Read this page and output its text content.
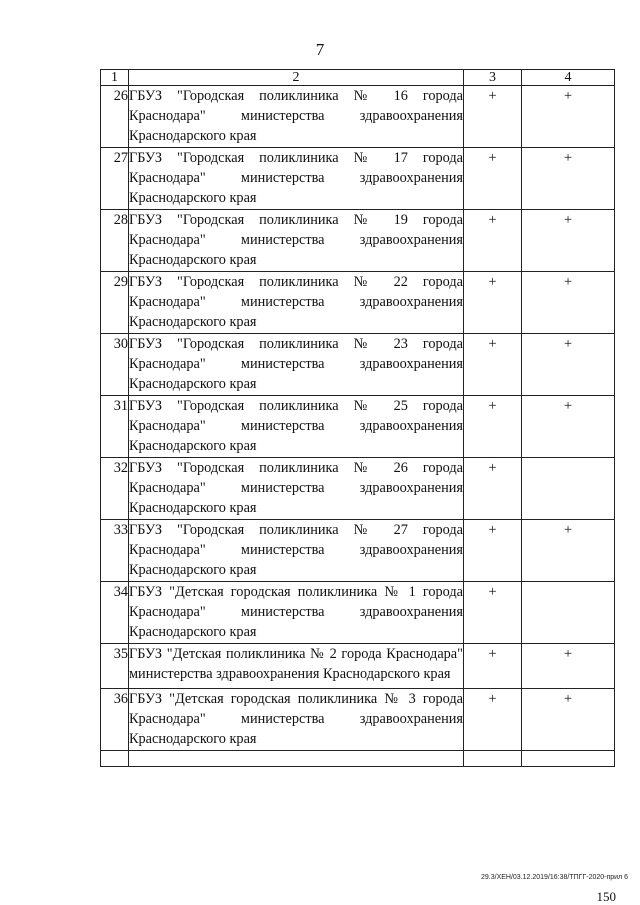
7
1	2	3	4
26	ГБУЗ "Городская поликлиника № 16 города Краснодара" министерства здравоохранения Краснодарского края	+	+
27	ГБУЗ "Городская поликлиника № 17 города Краснодара" министерства здравоохранения Краснодарского края	+	+
28	ГБУЗ "Городская поликлиника № 19 города Краснодара" министерства здравоохранения Краснодарского края	+	+
29	ГБУЗ "Городская поликлиника № 22 города Краснодара" министерства здравоохранения Краснодарского края	+	+
30	ГБУЗ "Городская поликлиника № 23 города Краснодара" министерства здравоохранения Краснодарского края	+	+
31	ГБУЗ "Городская поликлиника № 25 города Краснодара" министерства здравоохранения Краснодарского края	+	+
32	ГБУЗ "Городская поликлиника № 26 города Краснодара" министерства здравоохранения Краснодарского края	+	
33	ГБУЗ "Городская поликлиника № 27 города Краснодара" министерства здравоохранения Краснодарского края	+	+
34	ГБУЗ "Детская городская поликлиника № 1 города Краснодара" министерства здравоохранения Краснодарского края	+	
35	ГБУЗ "Детская поликлиника № 2 города Краснодара" министерства здравоохранения Краснодарского края	+	+
36	ГБУЗ "Детская городская поликлиника № 3 города Краснодара" министерства здравоохранения Краснодарского края	+	+

29.3/ХЕН/03.12.2019/16:38/ТПГГ-2020-прил 6
150
